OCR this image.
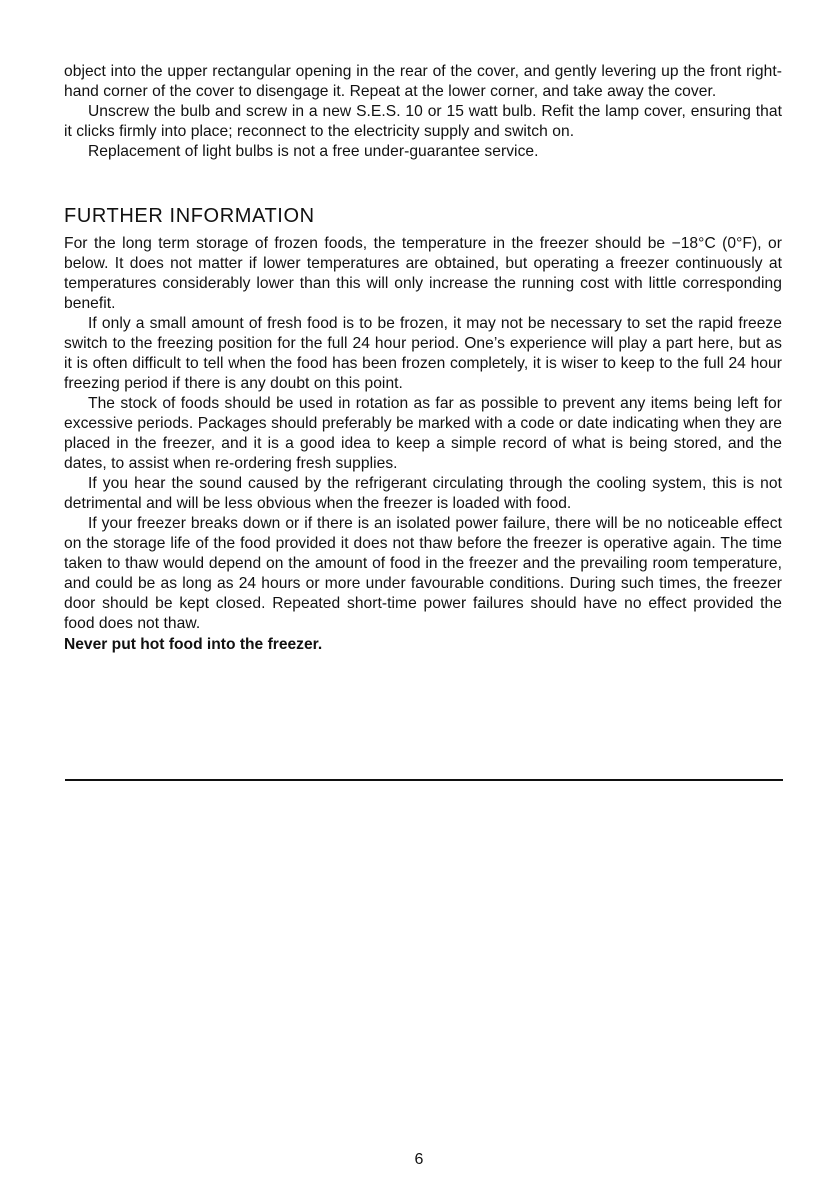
object into the upper rectangular opening in the rear of the cover, and gently levering up the front right-hand corner of the cover to disengage it. Repeat at the lower corner, and take away the cover.

Unscrew the bulb and screw in a new S.E.S. 10 or 15 watt bulb. Refit the lamp cover, ensuring that it clicks firmly into place; reconnect to the electricity supply and switch on.

Replacement of light bulbs is not a free under-guarantee service.

FURTHER INFORMATION

For the long term storage of frozen foods, the temperature in the freezer should be −18°C (0°F), or below. It does not matter if lower temperatures are obtained, but operating a freezer continuously at temperatures considerably lower than this will only increase the running cost with little corresponding benefit.

If only a small amount of fresh food is to be frozen, it may not be necessary to set the rapid freeze switch to the freezing position for the full 24 hour period. One’s experience will play a part here, but as it is often difficult to tell when the food has been frozen completely, it is wiser to keep to the full 24 hour freezing period if there is any doubt on this point.

The stock of foods should be used in rotation as far as possible to prevent any items being left for excessive periods. Packages should preferably be marked with a code or date indicating when they are placed in the freezer, and it is a good idea to keep a simple record of what is being stored, and the dates, to assist when re-ordering fresh supplies.

If you hear the sound caused by the refrigerant circulating through the cooling system, this is not detrimental and will be less obvious when the freezer is loaded with food.

If your freezer breaks down or if there is an isolated power failure, there will be no noticeable effect on the storage life of the food provided it does not thaw before the freezer is operative again. The time taken to thaw would depend on the amount of food in the freezer and the prevailing room temperature, and could be as long as 24 hours or more under favourable conditions. During such times, the freezer door should be kept closed. Repeated short-time power failures should have no effect provided the food does not thaw.

Never put hot food into the freezer.

6
